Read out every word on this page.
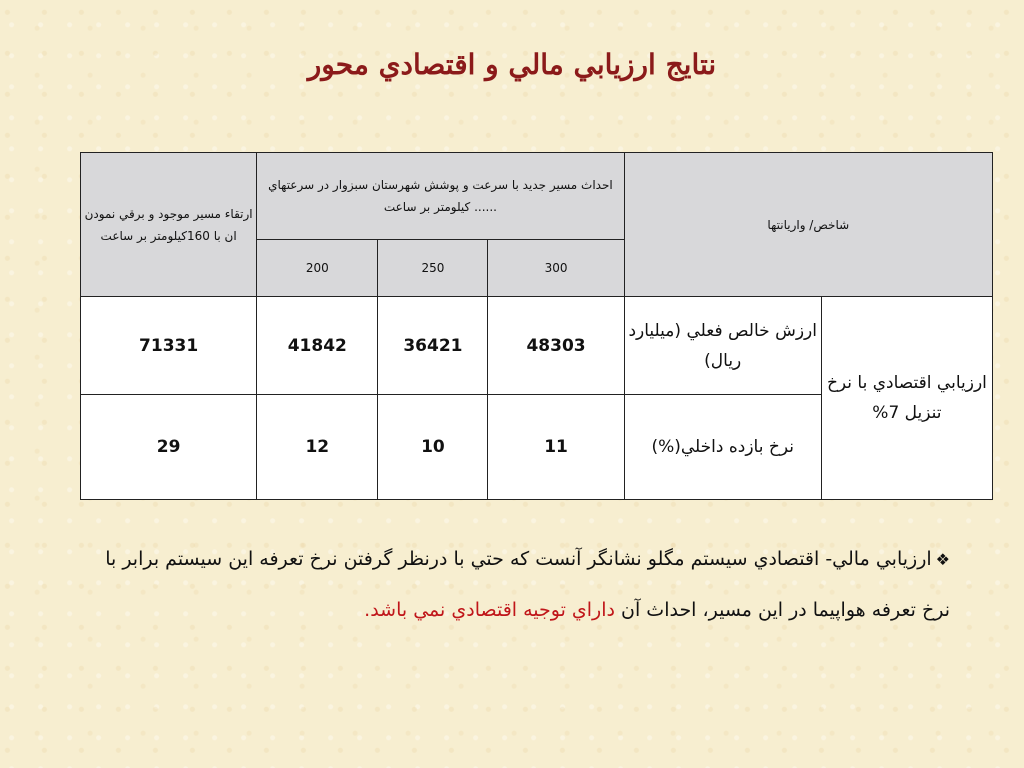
نتايج ارزيابي مالي و اقتصادي محور
شاخص/ واريانتها		احداث مسير جديد با سرعت و پوشش شهرستان سبزوار در سرعتهاي ...... کيلومتر بر ساعت			ارتقاء مسير موجود و برقي نمودن ان با 160کيلومتر بر ساعت
		300	250	200	
ارزيابي اقتصادي با نرخ تنزيل 7%	ارزش خالص فعلي (ميليارد ريال)	48303	36421	41842	71331
	نرخ بازده داخلي(%)	11	10	12	29
❖ارزيابي مالي- اقتصادي سيستم مگلو نشانگر آنست که حتي با درنظر گرفتن نرخ تعرفه اين سيستم برابر با نرخ تعرفه هواپيما در اين مسير، احداث آن داراي توجيه اقتصادي نمي باشد.
